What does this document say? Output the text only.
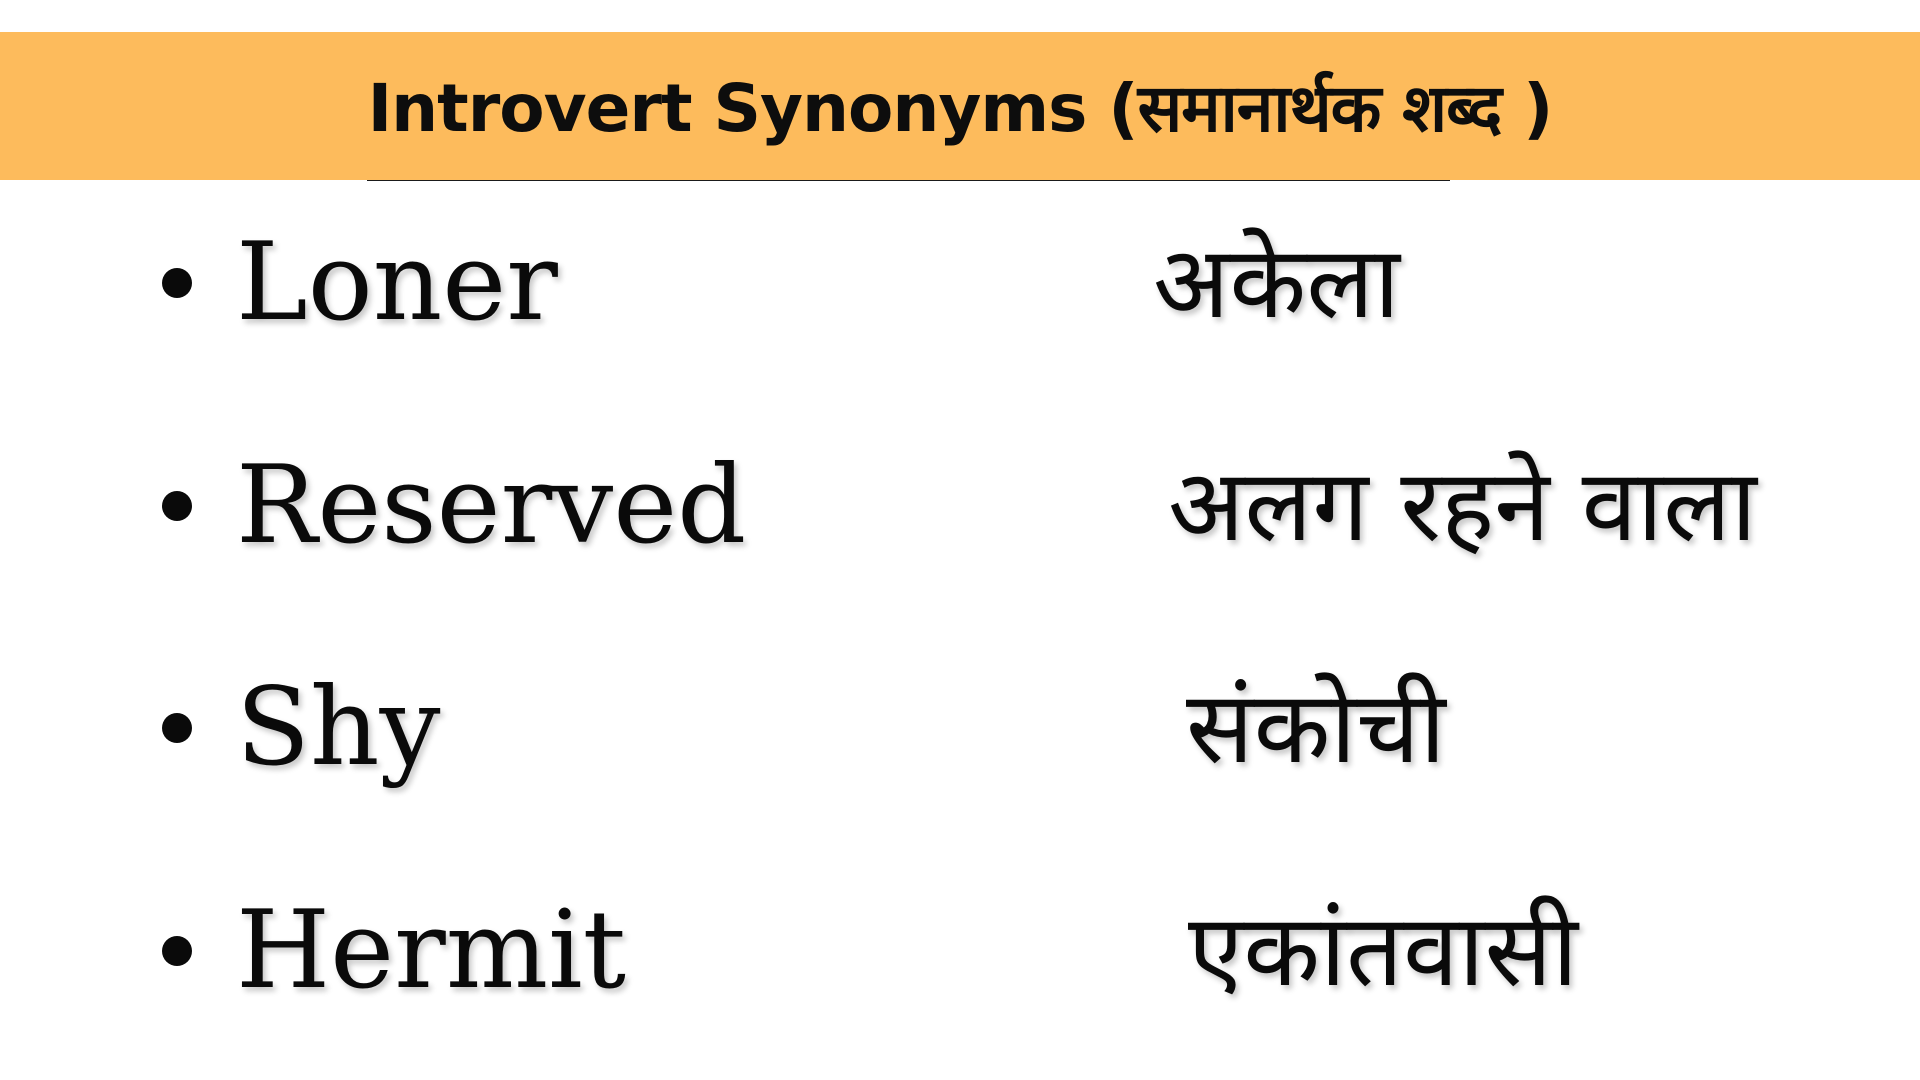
Introvert Synonyms (समानार्थक शब्द )
Loner	अकेला
Reserved	अलग रहने वाला
Shy	संकोची
Hermit	एकांतवासी
